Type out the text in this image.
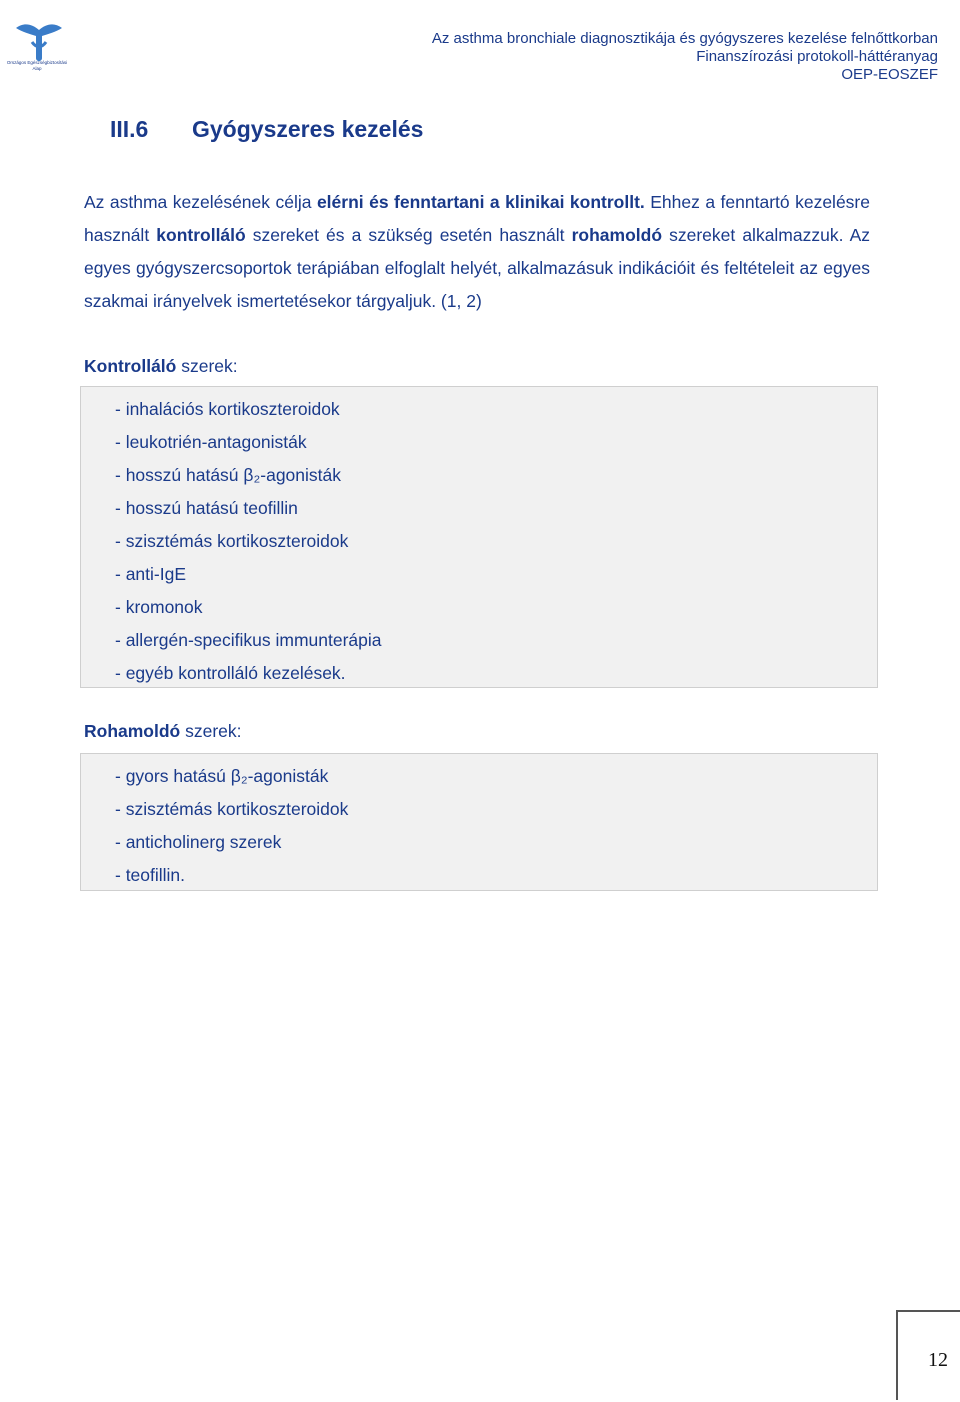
Országos Egészségbiztosítási Alap
Az asthma bronchiale diagnosztikája és gyógyszeres kezelése felnőttkorban
Finanszírozási protokoll-háttéranyag
OEP-EOSZEF
III.6 Gyógyszeres kezelés

Az asthma kezelésének célja elérni és fenntartani a klinikai kontrollt. Ehhez a fenntartó kezelésre használt kontrolláló szereket és a szükség esetén használt rohamoldó szereket alkalmazzuk. Az egyes gyógyszercsoportok terápiában elfoglalt helyét, alkalmazásuk indikációit és feltételeit az egyes szakmai irányelvek ismertetésekor tárgyaljuk. (1, 2)

Kontrolláló szerek:
- inhalációs kortikoszteroidok
- leukotrién-antagonisták
- hosszú hatású β₂-agonisták
- hosszú hatású teofillin
- szisztémás kortikoszteroidok
- anti-IgE
- kromonok
- allergén-specifikus immunterápia
- egyéb kontrolláló kezelések.
Rohamoldó szerek:
- gyors hatású β₂-agonisták
- szisztémás kortikoszteroidok
- anticholinerg szerek
- teofillin.
12
